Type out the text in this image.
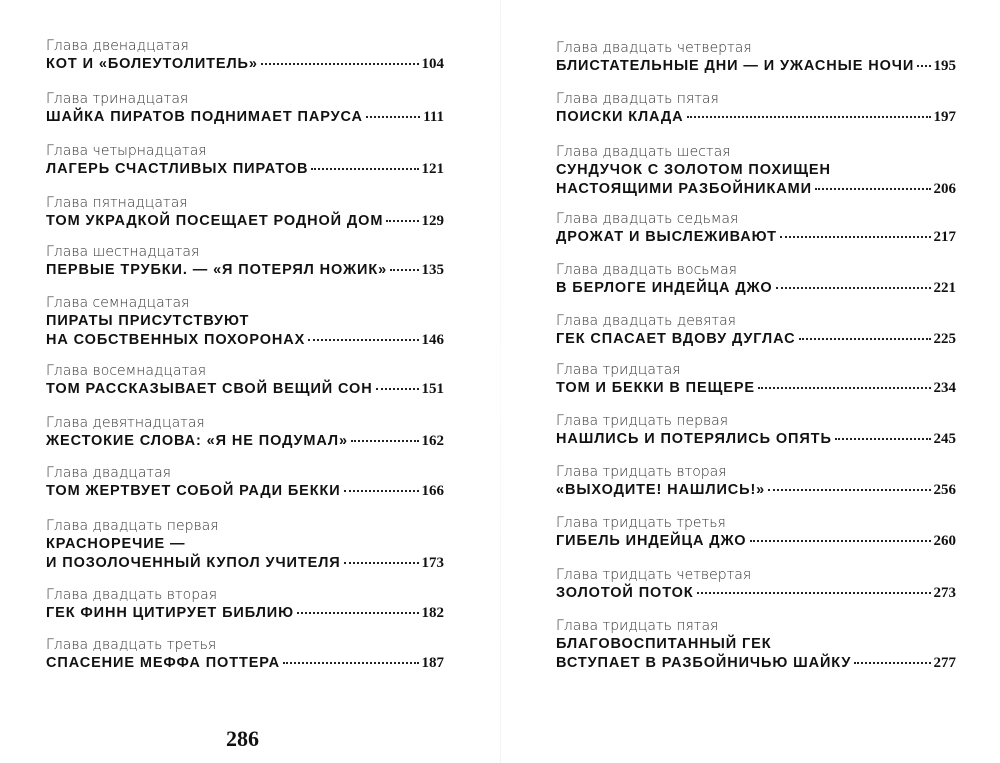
Глава двенадцатая
КОТ И «БОЛЕУТОЛИТЕЛЬ»	104
Глава тринадцатая
ШАЙКА ПИРАТОВ ПОДНИМАЕТ ПАРУСА	111
Глава четырнадцатая
ЛАГЕРЬ СЧАСТЛИВЫХ ПИРАТОВ	121
Глава пятнадцатая
ТОМ УКРАДКОЙ ПОСЕЩАЕТ РОДНОЙ ДОМ	129
Глава шестнадцатая
ПЕРВЫЕ ТРУБКИ. — «Я ПОТЕРЯЛ НОЖИК» 135
Глава семнадцатая
ПИРАТЫ ПРИСУТСТВУЮТ
НА СОБСТВЕННЫХ ПОХОРОНАХ	146
Глава восемнадцатая
ТОМ РАССКАЗЫВАЕТ СВОЙ ВЕЩИЙ СОН	151
Глава девятнадцатая
ЖЕСТОКИЕ СЛОВА: «Я НЕ ПОДУМАЛ»	162
Глава двадцатая
ТОМ ЖЕРТВУЕТ СОБОЙ РАДИ БЕККИ	166
Глава двадцать первая
КРАСНОРЕЧИЕ —
И ПОЗОЛОЧЕННЫЙ КУПОЛ УЧИТЕЛЯ	173
Глава двадцать вторая
ГЕК ФИНН ЦИТИРУЕТ БИБЛИЮ	182
Глава двадцать третья
СПАСЕНИЕ МЕФФА ПОТТЕРА	187
Глава двадцать четвертая
БЛИСТАТЕЛЬНЫЕ ДНИ — И УЖАСНЫЕ НОЧИ 195
Глава двадцать пятая
ПОИСКИ КЛАДА	197
Глава двадцать шестая
СУНДУЧОК С ЗОЛОТОМ ПОХИЩЕН
НАСТОЯЩИМИ РАЗБОЙНИКАМИ	206
Глава двадцать седьмая
ДРОЖАТ И ВЫСЛЕЖИВАЮТ	217
Глава двадцать восьмая
В БЕРЛОГЕ ИНДЕЙЦА ДЖО	221
Глава двадцать девятая
ГЕК СПАСАЕТ ВДОВУ ДУГЛАС	225
Глава тридцатая
ТОМ И БЕККИ В ПЕЩЕРЕ	234
Глава тридцать первая
НАШЛИСЬ И ПОТЕРЯЛИСЬ ОПЯТЬ	245
Глава тридцать вторая
«ВЫХОДИТЕ! НАШЛИСЬ!»	256
Глава тридцать третья
ГИБЕЛЬ ИНДЕЙЦА ДЖО	260
Глава тридцать четвертая
ЗОЛОТОЙ ПОТОК	273
Глава тридцать пятая
БЛАГОВОСПИТАННЫЙ ГЕК
ВСТУПАЕТ В РАЗБОЙНИЧЬЮ ШАЙКУ	277
286
